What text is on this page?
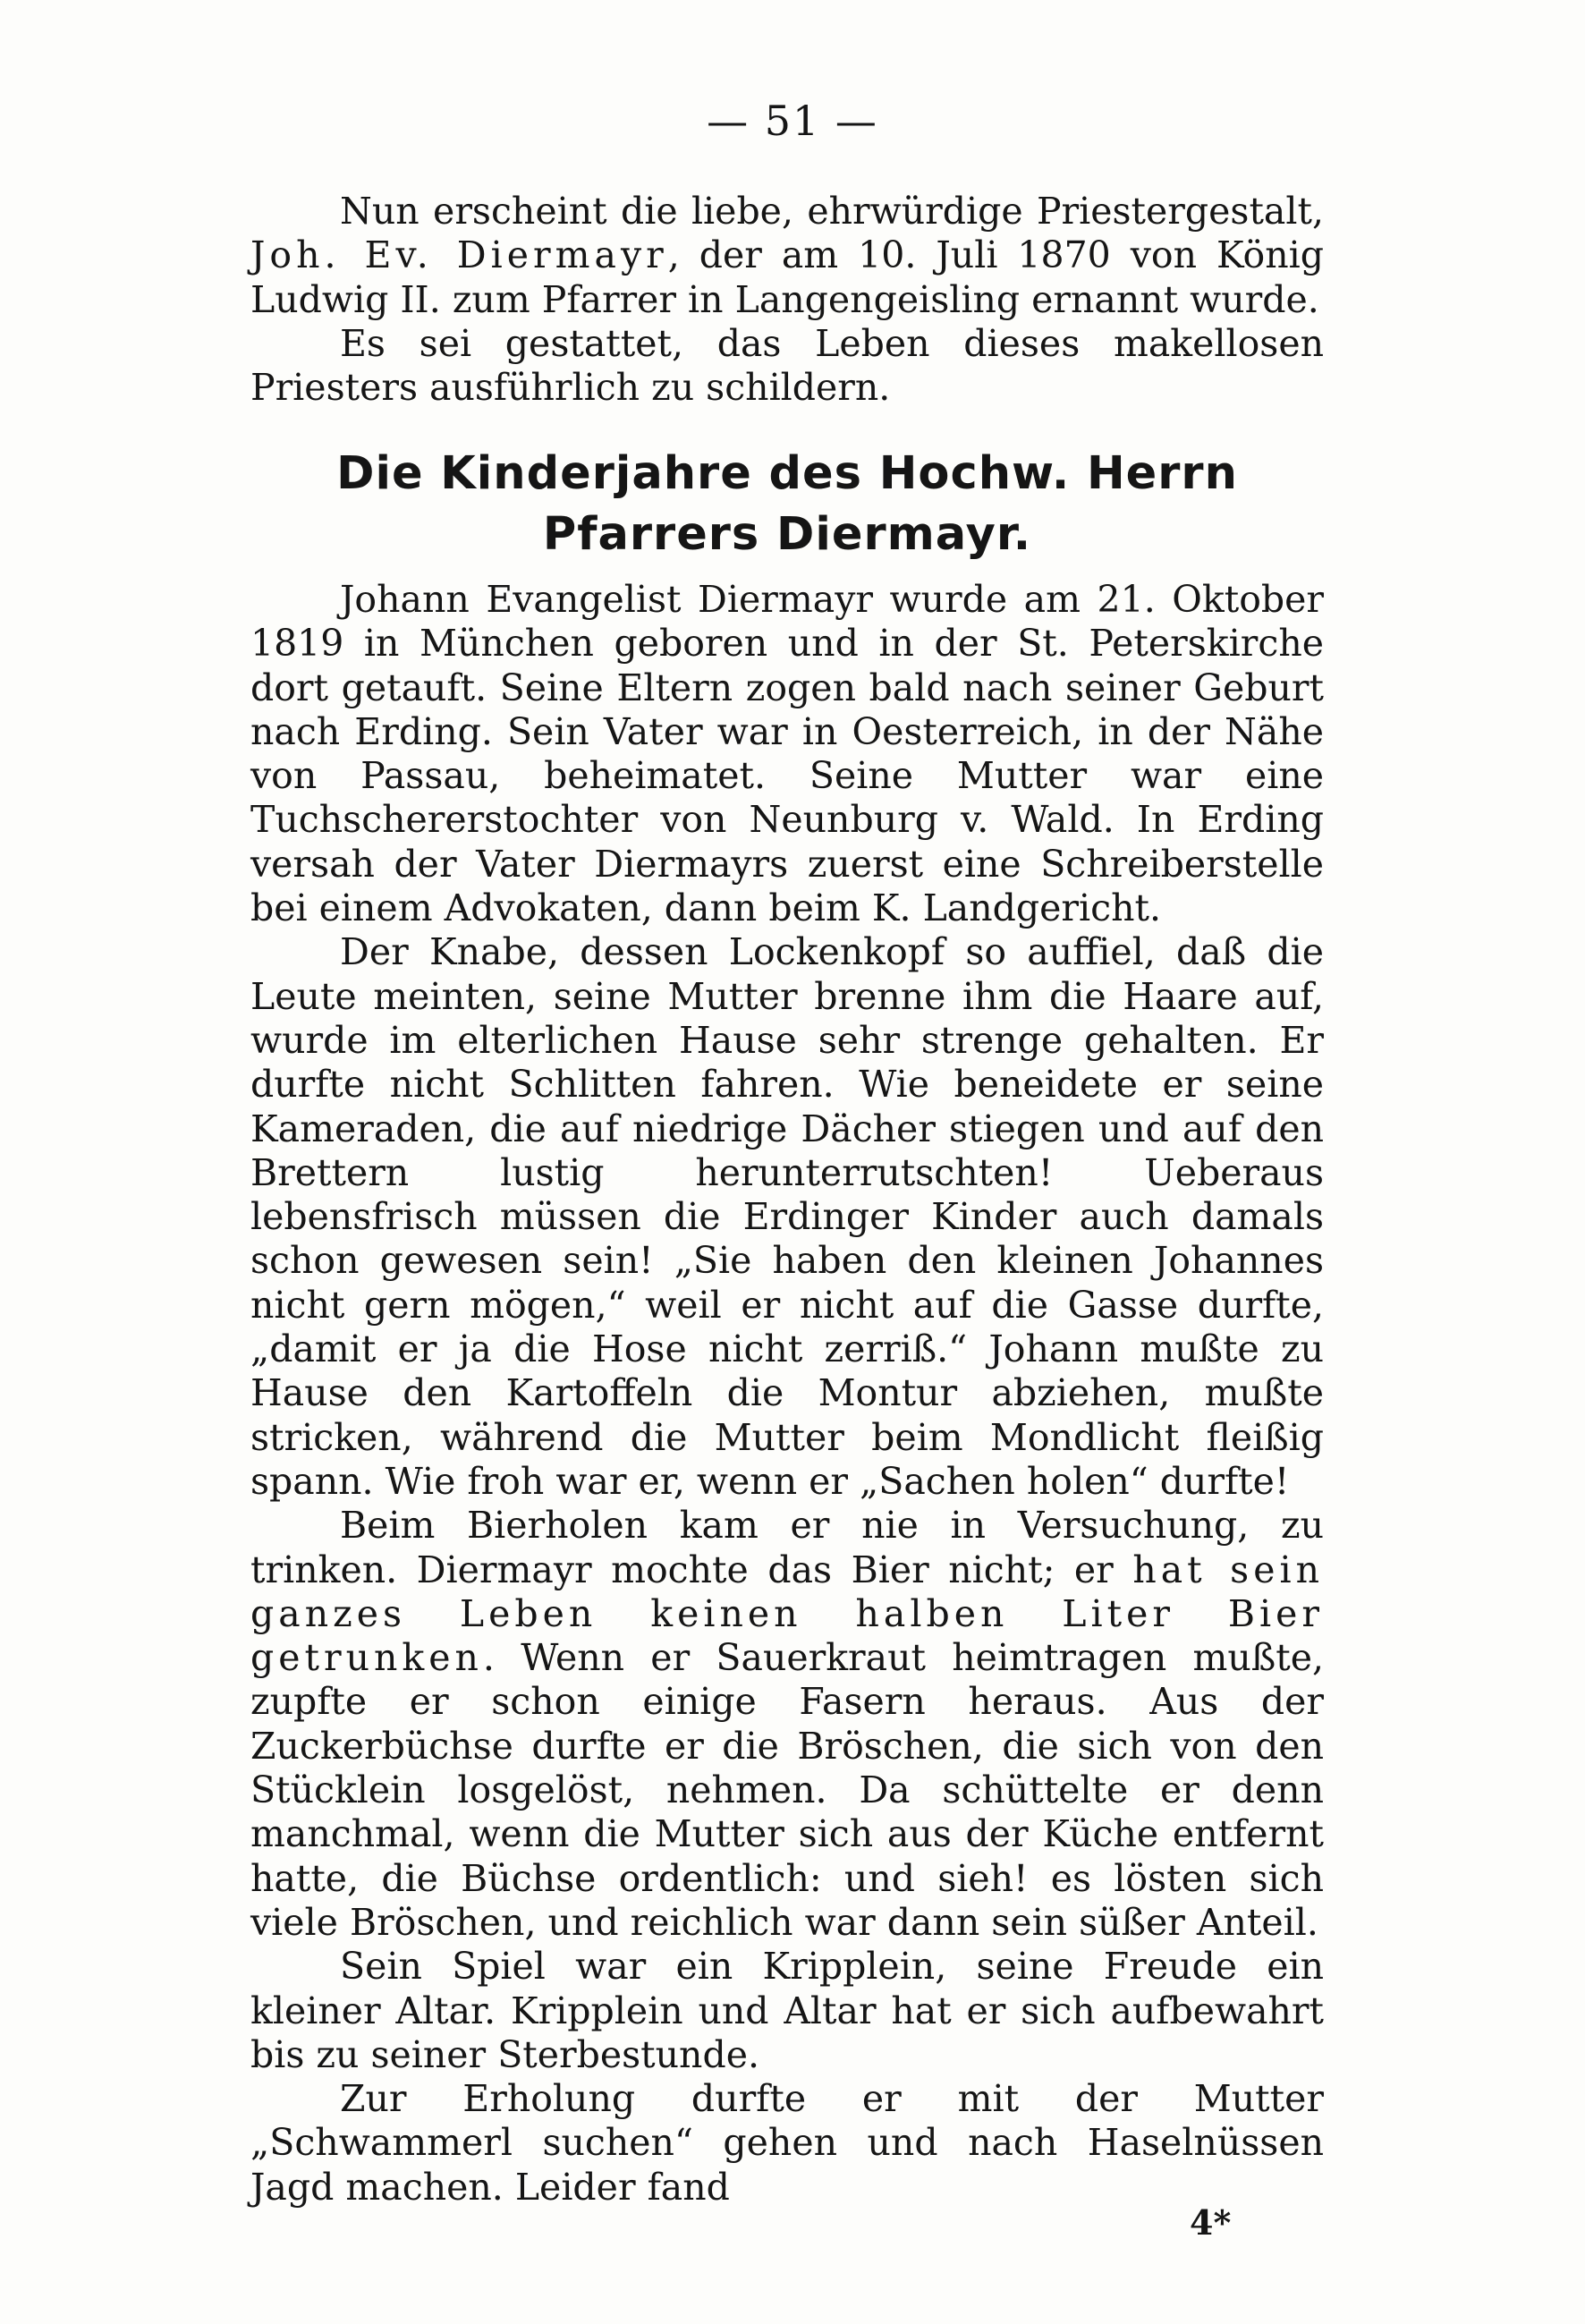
— 51 —

Nun erscheint die liebe, ehrwürdige Priestergestalt, Joh. Ev. Diermayr, der am 10. Juli 1870 von König Ludwig II. zum Pfarrer in Langengeisling ernannt wurde.

Es sei gestattet, das Leben dieses makellosen Priesters ausführlich zu schildern.

Die Kinderjahre des Hochw. Herrn Pfarrers Diermayr.

Johann Evangelist Diermayr wurde am 21. Oktober 1819 in München geboren und in der St. Peterskirche dort getauft. Seine Eltern zogen bald nach seiner Geburt nach Erding. Sein Vater war in Oesterreich, in der Nähe von Passau, beheimatet. Seine Mutter war eine Tuchschererstochter von Neunburg v. Wald. In Erding versah der Vater Diermayrs zuerst eine Schreiberstelle bei einem Advokaten, dann beim K. Landgericht.

Der Knabe, dessen Lockenkopf so auffiel, daß die Leute meinten, seine Mutter brenne ihm die Haare auf, wurde im elterlichen Hause sehr strenge gehalten. Er durfte nicht Schlitten fahren. Wie beneidete er seine Kameraden, die auf niedrige Dächer stiegen und auf den Brettern lustig herunterrutschten! Ueberaus lebensfrisch müssen die Erdinger Kinder auch damals schon gewesen sein! „Sie haben den kleinen Johannes nicht gern mögen,“ weil er nicht auf die Gasse durfte, „damit er ja die Hose nicht zerriß.“ Johann mußte zu Hause den Kartoffeln die Montur abziehen, mußte stricken, während die Mutter beim Mondlicht fleißig spann. Wie froh war er, wenn er „Sachen holen“ durfte!

Beim Bierholen kam er nie in Versuchung, zu trinken. Diermayr mochte das Bier nicht; er hat sein ganzes Leben keinen halben Liter Bier getrunken. Wenn er Sauerkraut heimtragen mußte, zupfte er schon einige Fasern heraus. Aus der Zuckerbüchse durfte er die Bröschen, die sich von den Stücklein losgelöst, nehmen. Da schüttelte er denn manchmal, wenn die Mutter sich aus der Küche entfernt hatte, die Büchse ordentlich: und sieh! es lösten sich viele Bröschen, und reichlich war dann sein süßer Anteil.

Sein Spiel war ein Kripplein, seine Freude ein kleiner Altar. Kripplein und Altar hat er sich aufbewahrt bis zu seiner Sterbestunde.

Zur Erholung durfte er mit der Mutter „Schwammerl suchen“ gehen und nach Haselnüssen Jagd machen. Leider fand

4*
